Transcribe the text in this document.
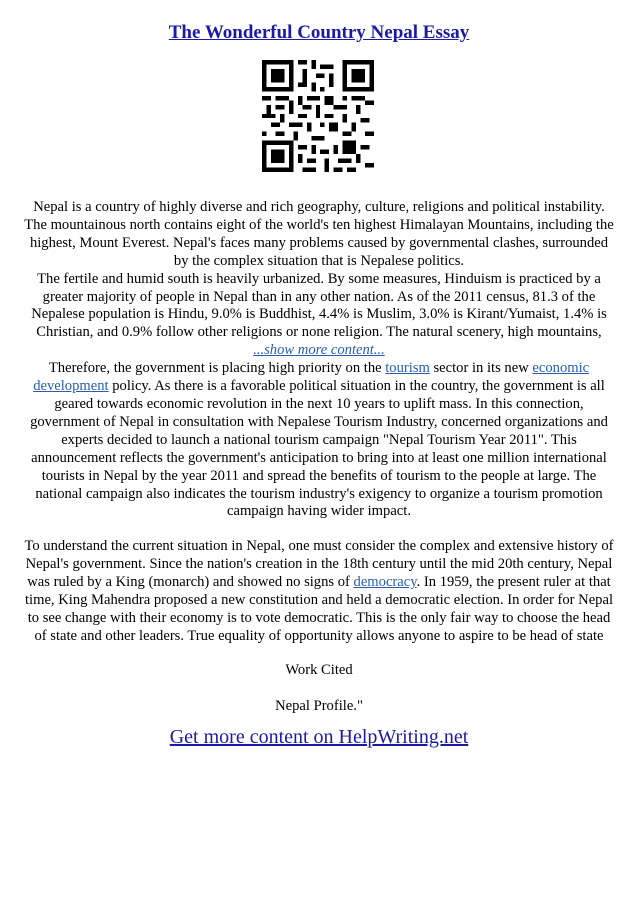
The Wonderful Country Nepal Essay

Nepal is a country of highly diverse and rich geography, culture, religions and political instability. The mountainous north contains eight of the world's ten highest Himalayan Mountains, including the highest, Mount Everest. Nepal's faces many problems caused by governmental clashes, surrounded by the complex situation that is Nepalese politics.

The fertile and humid south is heavily urbanized. By some measures, Hinduism is practiced by a greater majority of people in Nepal than in any other nation. As of the 2011 census, 81.3 of the Nepalese population is Hindu, 9.0% is Buddhist, 4.4% is Muslim, 3.0% is Kirant/Yumaist, 1.4% is Christian, and 0.9% follow other religions or none religion. The natural scenery, high mountains,

...show more content...

Therefore, the government is placing high priority on the tourism sector in its new economic development policy. As there is a favorable political situation in the country, the government is all geared towards economic revolution in the next 10 years to uplift mass. In this connection, government of Nepal in consultation with Nepalese Tourism Industry, concerned organizations and experts decided to launch a national tourism campaign "Nepal Tourism Year 2011". This announcement reflects the government's anticipation to bring into at least one million international tourists in Nepal by the year 2011 and spread the benefits of tourism to the people at large. The national campaign also indicates the tourism industry's exigency to organize a tourism promotion campaign having wider impact.

To understand the current situation in Nepal, one must consider the complex and extensive history of Nepal's government. Since the nation's creation in the 18th century until the mid 20th century, Nepal was ruled by a King (monarch) and showed no signs of democracy. In 1959, the present ruler at that time, King Mahendra proposed a new constitution and held a democratic election. In order for Nepal to see change with their economy is to vote democratic. This is the only fair way to choose the head of state and other leaders. True equality of opportunity allows anyone to aspire to be head of state

Work Cited

Nepal Profile."

Get more content on HelpWriting.net
